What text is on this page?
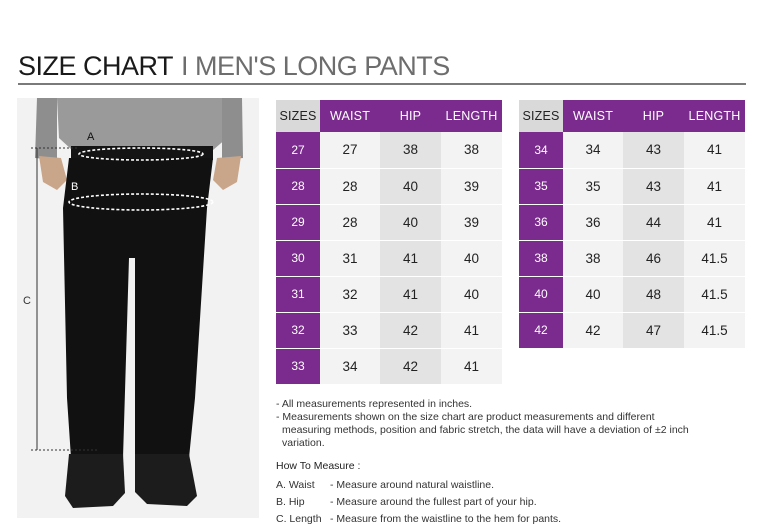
SIZE CHART I MEN'S LONG PANTS
A
B
C
SIZES	WAIST	HIP	LENGTH
27	27	38	38
28	28	40	39
29	28	40	39
30	31	41	40
31	32	41	40
32	33	42	41
33	34	42	41
SIZES	WAIST	HIP	LENGTH
34	34	43	41
35	35	43	41
36	36	44	41
38	38	46	41.5
40	40	48	41.5
42	42	47	41.5
- All measurements represented in inches.
- Measurements shown on the size chart are product measurements and different measuring methods, position and fabric stretch, the data will have a deviation of ±2 inch variation.
How To Measure :
A. Waist	- Measure around natural waistline.
B. Hip	- Measure around the fullest part of your hip.
C. Length - Measure from the waistline to the hem for pants.
